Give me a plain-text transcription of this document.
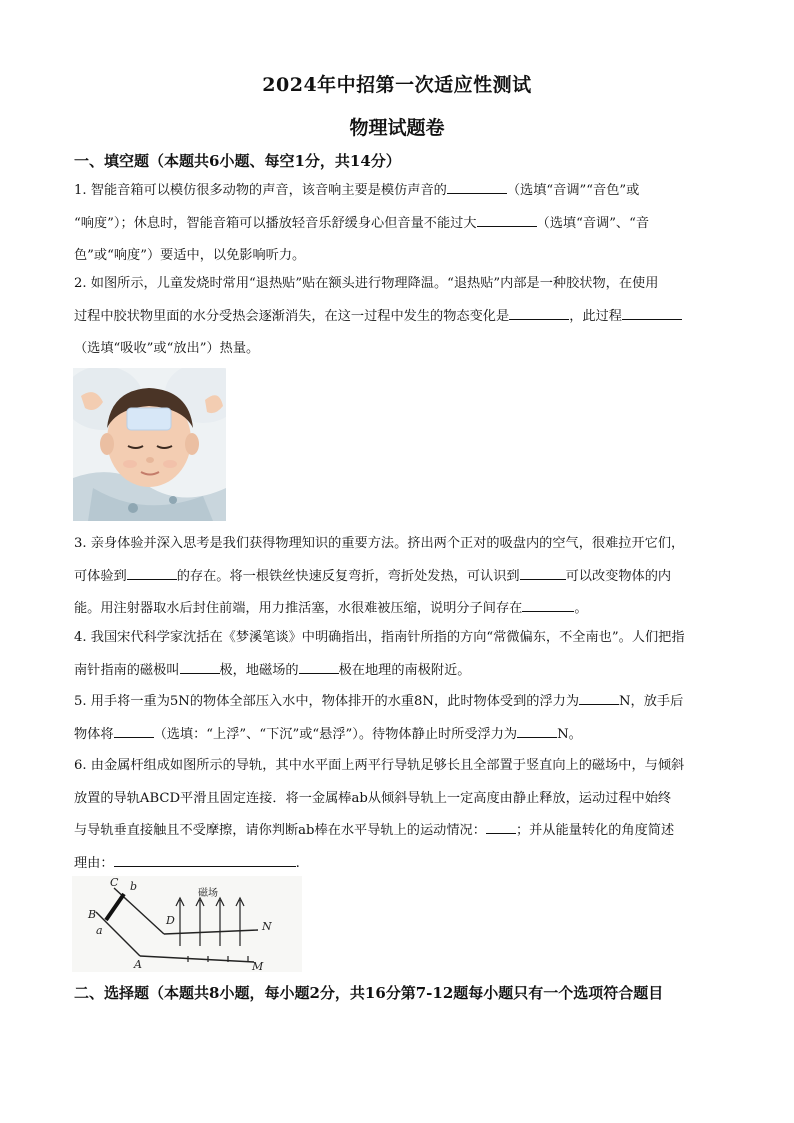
2024年中招第一次适应性测试
物理试题卷
一、填空题（本题共6小题、每空1分，共14分）
1. 智能音箱可以模仿很多动物的声音，该音响主要是模仿声音的	（选填“音调”“音色”或
“响度”）；休息时，智能音箱可以播放轻音乐舒缓身心但音量不能过大	（选填“音调”、“音
色”或“响度”）要适中，以免影响听力。
2. 如图所示，儿童发烧时常用“退热贴”贴在额头进行物理降温。“退热贴”内部是一种胶状物，在使用
过程中胶状物里面的水分受热会逐渐消失，在这一过程中发生的物态变化是	，此过程
（选填“吸收”或“放出”）热量。
3. 亲身体验并深入思考是我们获得物理知识的重要方法。挤出两个正对的吸盘内的空气，很难拉开它们，
可体验到	的存在。将一根铁丝快速反复弯折，弯折处发热，可认识到	可以改变物体的内
能。用注射器取水后封住前端，用力推活塞，水很难被压缩，说明分子间存在	。
4. 我国宋代科学家沈括在《梦溪笔谈》中明确指出，指南针所指的方向“常微偏东，不全南也”。人们把指
南针指南的磁极叫	极，地磁场的	极在地理的南极附近。
5. 用手将一重为5N的物体全部压入水中，物体排开的水重8N，此时物体受到的浮力为	N，放手后
物体将	（选填：“上浮”、“下沉”或“悬浮”）。待物体静止时所受浮力为	N。
6. 由金属杆组成如图所示的导轨，其中水平面上两平行导轨足够长且全部置于竖直向上的磁场中，与倾斜
放置的导轨ABCD平滑且固定连接．将一金属棒ab从倾斜导轨上一定高度由静止释放，运动过程中始终
与导轨垂直接触且不受摩擦，请你判断ab棒在水平导轨上的运动情况： ；并从能量转化的角度简述
理由：	.
C b
B
a
D	N
A	M
磁场
二、选择题（本题共8小题，每小题2分，共16分第7-12题每小题只有一个选项符合题目
